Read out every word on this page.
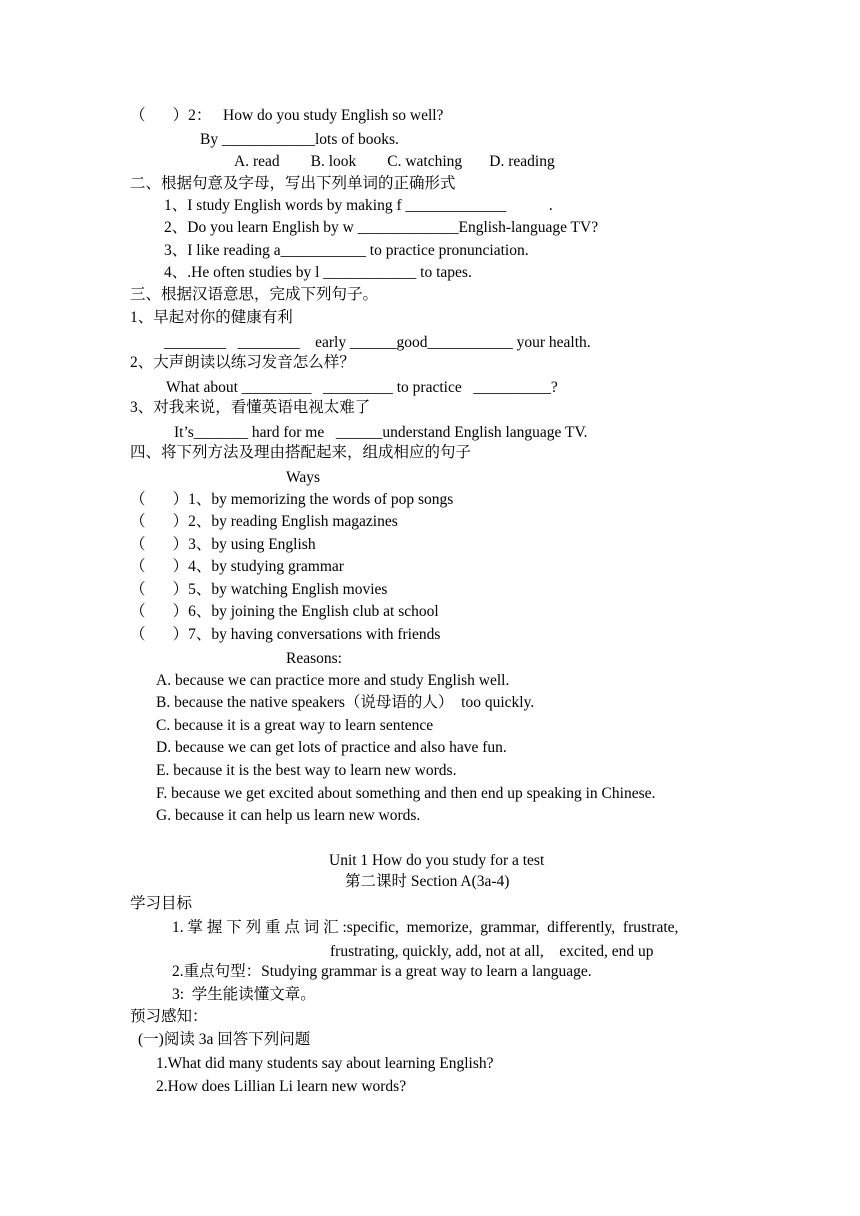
（       ）2：   How do you study English so well?
By ____________lots of books.
A. read        B. look        C. watching       D. reading
二、根据句意及字母，写出下列单词的正确形式
1、I study English words by making f _____________           .
2、Do you learn English by w _____________English-language TV?
3、I like reading a___________ to practice pronunciation.
4、.He often studies by l ____________ to tapes.
三、根据汉语意思，完成下列句子。
1、早起对你的健康有利
________   ________    early ______good___________ your health.
2、大声朗读以练习发音怎么样？
What about _________   _________ to practice   __________?
3、对我来说，看懂英语电视太难了
It’s_______ hard for me   ______understand English language TV.
四、将下列方法及理由搭配起来，组成相应的句子
Ways
（       ）1、by memorizing the words of pop songs
（       ）2、by reading English magazines
（       ）3、by using English
（       ）4、by studying grammar
（       ）5、by watching English movies
（       ）6、by joining the English club at school
（       ）7、by having conversations with friends
Reasons:
A. because we can practice more and study English well.
B. because the native speakers（说母语的人）  too quickly.
C. because it is a great way to learn sentence
D. because we can get lots of practice and also have fun.
E. because it is the best way to learn new words.
F. because we get excited about something and then end up speaking in Chinese.
G. because it can help us learn new words.
Unit 1 How do you study for a test
第二课时 Section A(3a-4)
学习目标
1. 掌 握 下 列 重 点 词 汇 :specific,  memorize,  grammar,  differently,  frustrate,
frustrating, quickly, add, not at all,    excited, end up
2.重点句型：Studying grammar is a great way to learn a language.
3:  学生能读懂文章。
预习感知：
(一)阅读 3a 回答下列问题
1.What did many students say about learning English?
2.How does Lillian Li learn new words?
